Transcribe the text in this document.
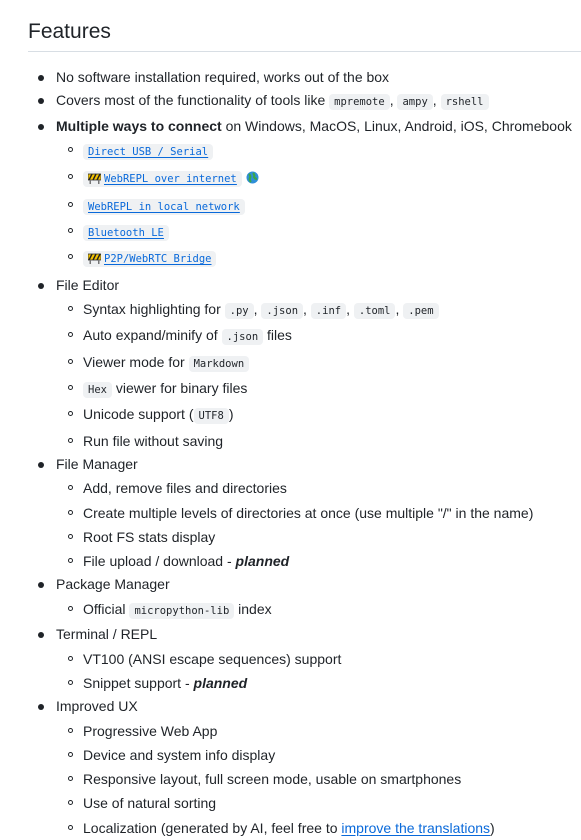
Features
No software installation required, works out of the box
Covers most of the functionality of tools like mpremote , ampy , rshell
Multiple ways to connect on Windows, MacOS, Linux, Android, iOS, Chromebook
Direct USB / Serial
WebREPL over internet
WebREPL in local network
Bluetooth LE
P2P/WebRTC Bridge
File Editor
Syntax highlighting for .py , .json , .inf , .toml , .pem
Auto expand/minify of .json files
Viewer mode for Markdown
Hex viewer for binary files
Unicode support ( UTF8 )
Run file without saving
File Manager
Add, remove files and directories
Create multiple levels of directories at once (use multiple "/" in the name)
Root FS stats display
File upload / download - planned
Package Manager
Official micropython-lib index
Terminal / REPL
VT100 (ANSI escape sequences) support
Snippet support - planned
Improved UX
Progressive Web App
Device and system info display
Responsive layout, full screen mode, usable on smartphones
Use of natural sorting
Localization (generated by AI, feel free to improve the translations)
